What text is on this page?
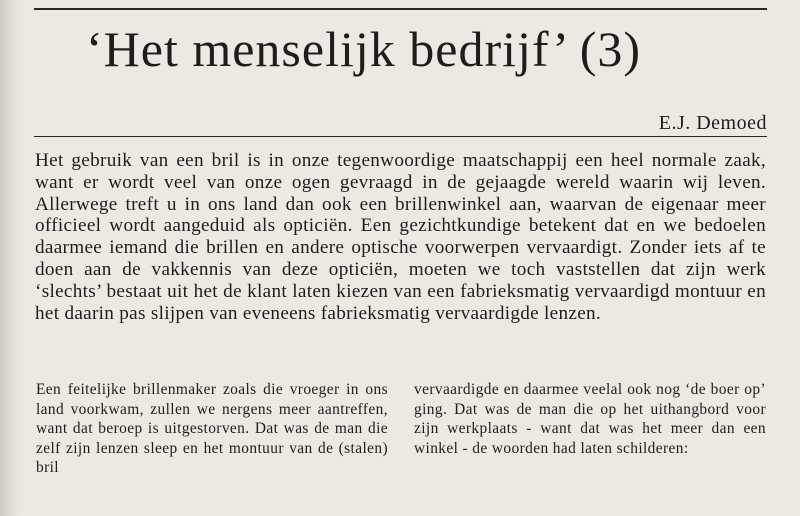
‘Het menselijk bedrijf’ (3)

E.J. Demoed

Het gebruik van een bril is in onze tegenwoordige maatschappij een heel normale zaak, want er wordt veel van onze ogen gevraagd in de gejaagde wereld waarin wij leven. Allerwege treft u in ons land dan ook een brillenwinkel aan, waarvan de eigenaar meer officieel wordt aangeduid als opticiën. Een gezichtkundige betekent dat en we bedoelen daarmee iemand die brillen en andere optische voorwerpen vervaardigt. Zonder iets af te doen aan de vakkennis van deze opticiën, moeten we toch vaststellen dat zijn werk ‘slechts’ bestaat uit het de klant laten kiezen van een fabrieksmatig vervaardigd montuur en het daarin pas slijpen van eveneens fabrieksmatig vervaardigde lenzen.

Een feitelijke brillenmaker zoals die vroeger in ons land voorkwam, zullen we nergens meer aantreffen, want dat beroep is uitgestorven. Dat was de man die zelf zijn lenzen sleep en het montuur van de (stalen) bril

vervaardigde en daarmee veelal ook nog ‘de boer op’ ging. Dat was de man die op het uithangbord voor zijn werkplaats - want dat was het meer dan een winkel - de woorden had laten schilderen:
